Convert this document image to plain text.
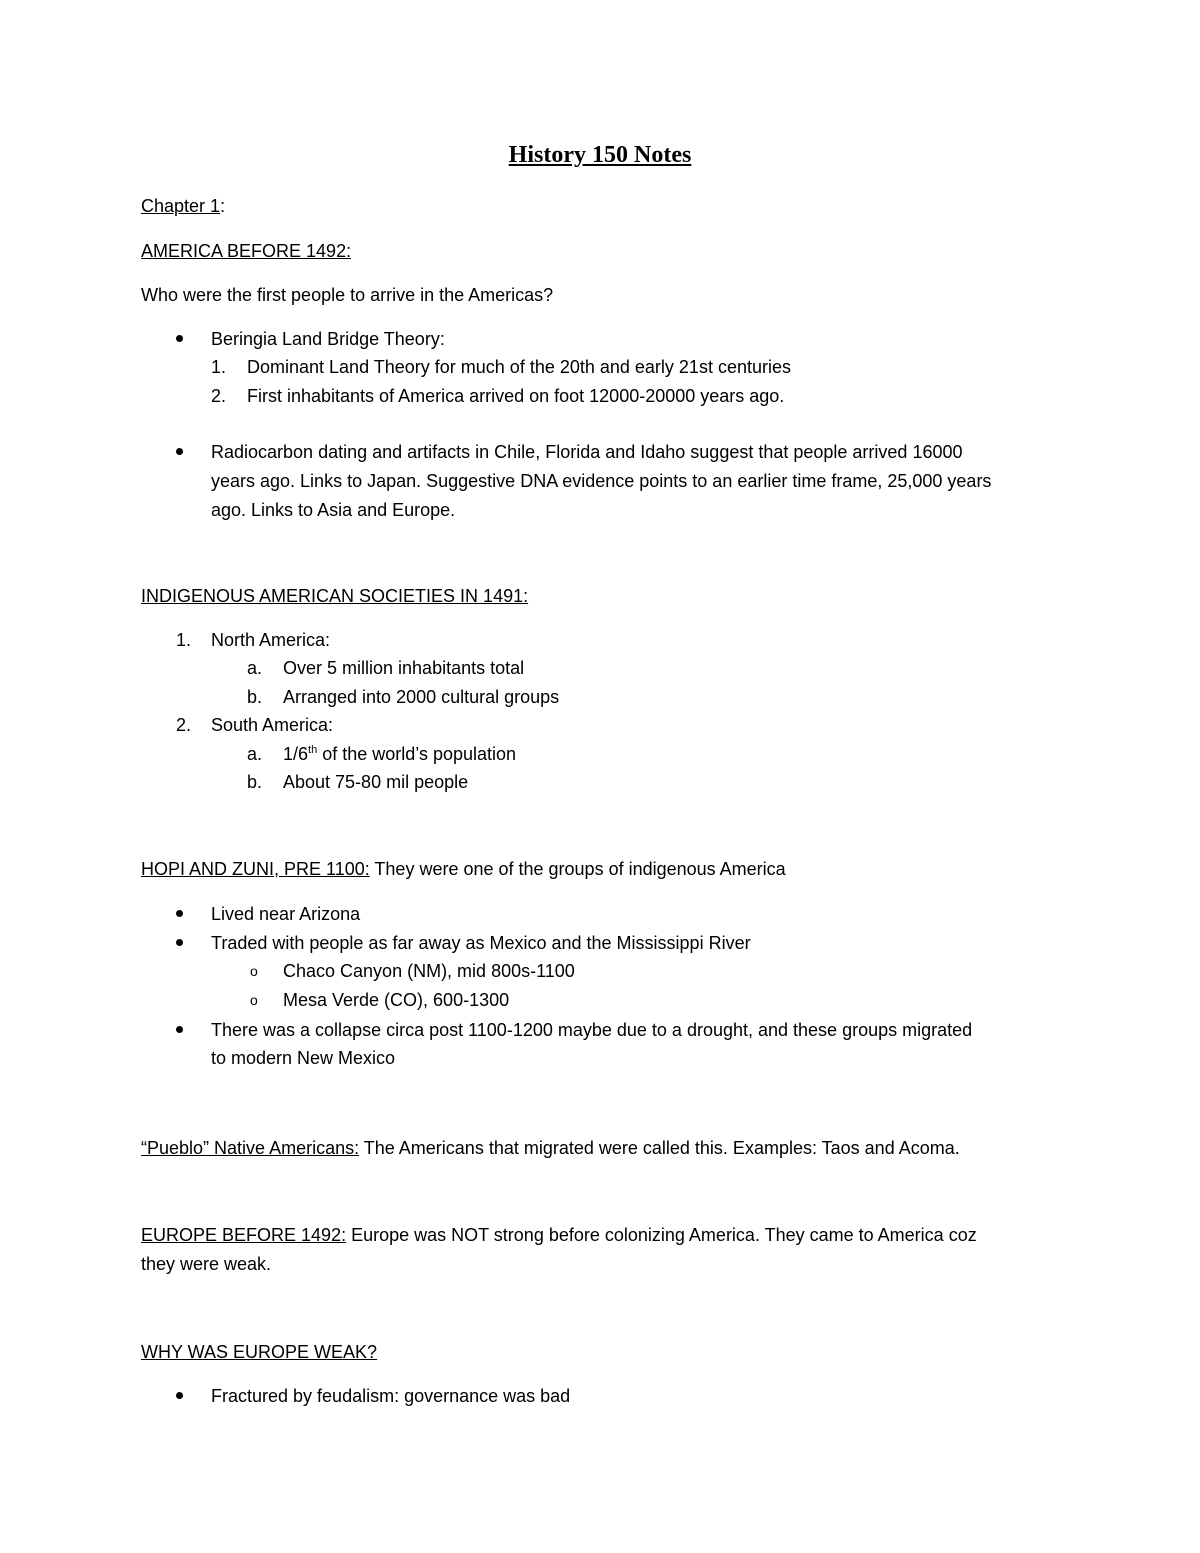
History 150 Notes
Chapter 1:
AMERICA BEFORE 1492:
Who were the first people to arrive in the Americas?
Beringia Land Bridge Theory:
1. Dominant Land Theory for much of the 20th and early 21st centuries
2. First inhabitants of America arrived on foot 12000-20000 years ago.
Radiocarbon dating and artifacts in Chile, Florida and Idaho suggest that people arrived 16000
years ago. Links to Japan. Suggestive DNA evidence points to an earlier time frame, 25,000 years
ago. Links to Asia and Europe.
INDIGENOUS AMERICAN SOCIETIES IN 1491:
1. North America:
a. Over 5 million inhabitants total
b. Arranged into 2000 cultural groups
2. South America:
a. 1/6th of the world’s population
b. About 75-80 mil people
HOPI AND ZUNI, PRE 1100: They were one of the groups of indigenous America
Lived near Arizona
Traded with people as far away as Mexico and the Mississippi River
o Chaco Canyon (NM), mid 800s-1100
o Mesa Verde (CO), 600-1300
There was a collapse circa post 1100-1200 maybe due to a drought, and these groups migrated
to modern New Mexico
“Pueblo” Native Americans: The Americans that migrated were called this. Examples: Taos and Acoma.
EUROPE BEFORE 1492: Europe was NOT strong before colonizing America. They came to America coz
they were weak.
WHY WAS EUROPE WEAK?
Fractured by feudalism: governance was bad
